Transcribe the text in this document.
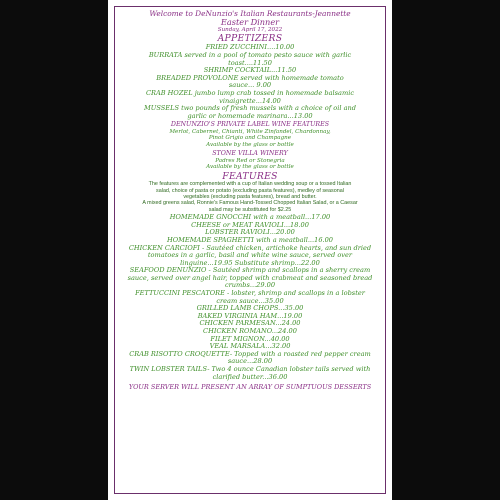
Welcome to DeNunzio's Italian Restaurants-Jeannette
Easter Dinner
Sunday, April 17, 2022
APPETIZERS
FRIED ZUCCHINI....10.00
BURRATA served in a pool of tomato pesto sauce with garlic
toast....11.50
SHRIMP COCKTAIL...11.50
BREADED PROVOLONE served with homemade tomato
sauce... 9.00
CRAB HOZEL jumbo lump crab tossed in homemade balsamic
vinaigrette...14.00
MUSSELS two pounds of fresh mussels with a choice of oil and
garlic or homemade marinara...13.00
DENUNZIO'S PRIVATE LABEL WINE FEATURES
Merlot, Cabernet, Chianti, White Zinfandel, Chardonnay,
Pinot Grigio and Champagne
Available by the glass or bottle
STONE VILLA WINERY
Padres Red or Stonegria
Available by the glass or bottle
FEATURES
The features are complemented with a cup of Italian wedding soup or a tossed Italian
salad, choice of pasta or potato (excluding pasta features), medley of seasonal
vegetables (excluding pasta features), bread and butter.
A mixed greens salad, Ronnie's Famous Hand-Tossed Chopped Italian Salad, or a Caesar
salad may be substituted for $2.25
HOMEMADE GNOCCHI with a meatball...17.00
CHEESE or MEAT RAVIOLI...18.00
LOBSTER RAVIOLI...20.00
HOMEMADE SPAGHETTI with a meatball...16.00
CHICKEN CARCIOFI - Sautéed chicken, artichoke hearts, and sun dried
tomatoes in a garlic, basil and white wine sauce, served over
linguine...19.95 Substitute shrimp...22.00
SEAFOOD DENUNZIO - Sautéed shrimp and scallops in a sherry cream
sauce, served over angel hair, topped with crabmeat and seasoned bread
crumbs...29.00
FETTUCCINI PESCATORE - lobster, shrimp and scallops in a lobster
cream sauce...35.00
GRILLED LAMB CHOPS...35.00
BAKED VIRGINIA HAM...19.00
CHICKEN PARMESAN...24.00
CHICKEN ROMANO...24.00
FILET MIGNON...40.00
VEAL MARSALA...32.00
CRAB RISOTTO CROQUETTE- Topped with a roasted red pepper cream
sauce...28.00
TWIN LOBSTER TAILS- Two 4 ounce Canadian lobster tails served with
clarified butter...36.00
YOUR SERVER WILL PRESENT AN ARRAY OF SUMPTUOUS DESSERTS
